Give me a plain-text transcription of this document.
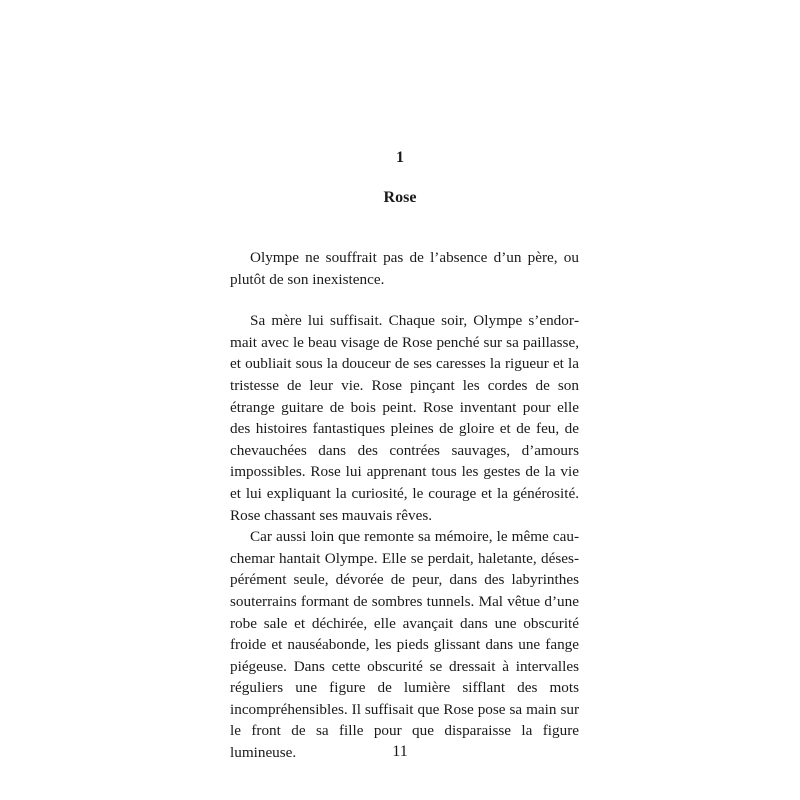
1
Rose

Olympe ne souffrait pas de l’absence d’un père, ou plutôt de son inexistence.

Sa mère lui suffisait. Chaque soir, Olympe s’endormait avec le beau visage de Rose penché sur sa paillasse, et oubliait sous la douceur de ses caresses la rigueur et la tristesse de leur vie. Rose pinçant les cordes de son étrange guitare de bois peint. Rose inventant pour elle des histoires fantastiques pleines de gloire et de feu, de chevauchées dans des contrées sauvages, d’amours impossibles. Rose lui apprenant tous les gestes de la vie et lui expliquant la curiosité, le courage et la générosité. Rose chassant ses mauvais rêves.

Car aussi loin que remonte sa mémoire, le même cauchemar hantait Olympe. Elle se perdait, haletante, désespérément seule, dévorée de peur, dans des labyrinthes souterrains formant de sombres tunnels. Mal vêtue d’une robe sale et déchirée, elle avançait dans une obscurité froide et nauséabonde, les pieds glissant dans une fange piégeuse. Dans cette obscurité se dressait à intervalles réguliers une figure de lumière sifflant des mots incompréhensibles. Il suffisait que Rose pose sa main sur le front de sa fille pour que disparaisse la figure lumineuse.	11
